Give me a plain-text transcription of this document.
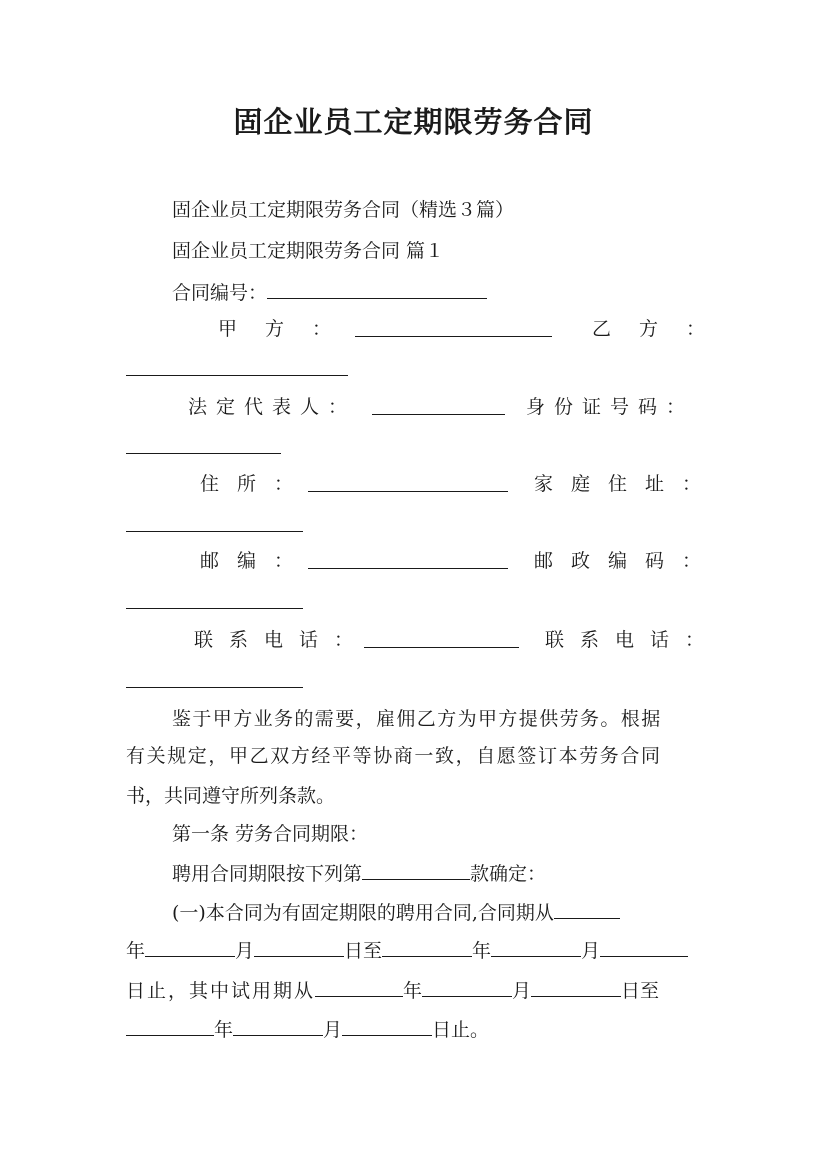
固企业员工定期限劳务合同
固企业员工定期限劳务合同（精选３篇）
固企业员工定期限劳务合同 篇１
合同编号：
甲方：	乙方：
法定代表人：	身份证号码：
住所：	家庭住址：
邮编：	邮政编码：
联系电话：	联系电话：
鉴于甲方业务的需要，雇佣乙方为甲方提供劳务。根据
有关规定，甲乙双方经平等协商一致，自愿签订本劳务合同
书，共同遵守所列条款。
第一条 劳务合同期限：
聘用合同期限按下列第	款确定：
(一)本合同为有固定期限的聘用合同,合同期从
年	月	日至	年	月
日止，其中试用期从	年	月	日至
年	月	日止。
